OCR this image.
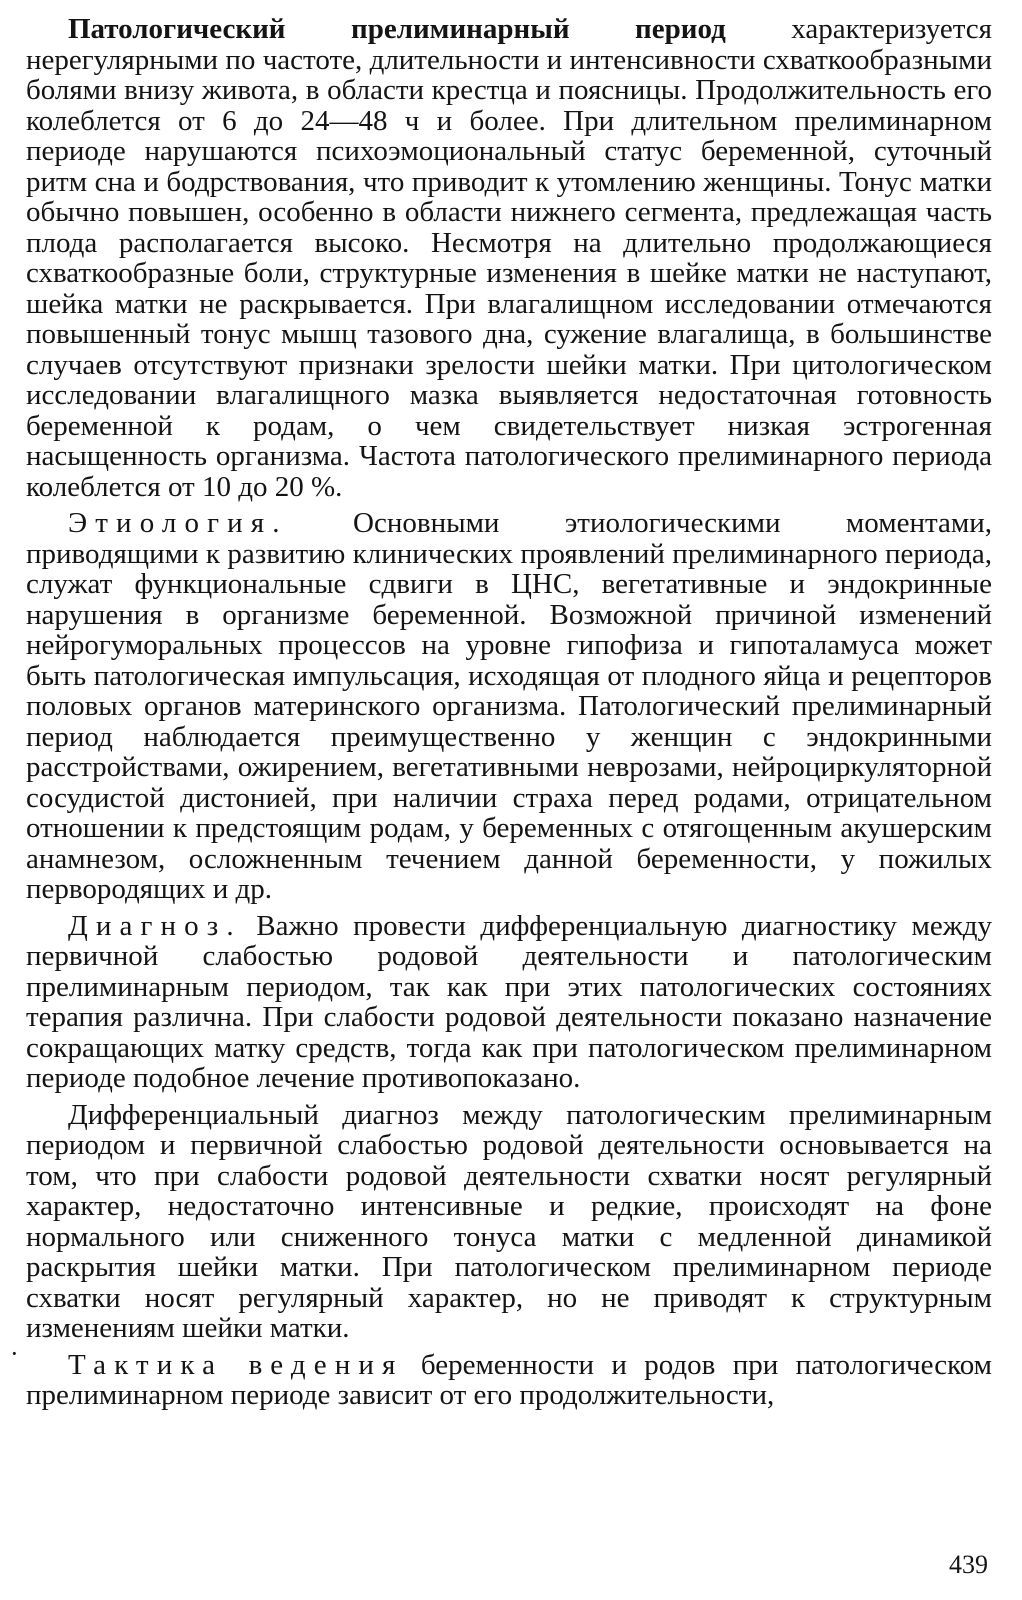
·

Патологический прелиминарный период характеризуется нерегулярными по частоте, длительности и интенсивности схваткообразными болями внизу живота, в области крестца и поясницы. Продолжительность его колеблется от 6 до 24—48 ч и более. При длительном прелиминарном периоде нарушаются психоэмоциональный статус беременной, суточный ритм сна и бодрствования, что приводит к утомлению женщины. Тонус матки обычно повышен, особенно в области нижнего сегмента, предлежащая часть плода располагается высоко. Несмотря на длительно продолжающиеся схваткообразные боли, структурные изменения в шейке матки не наступают, шейка матки не раскрывается. При влагалищном исследовании отмечаются повышенный тонус мышц тазового дна, сужение влагалища, в большинстве случаев отсутствуют признаки зрелости шейки матки. При цитологическом исследовании влагалищного мазка выявляется недостаточная готовность беременной к родам, о чем свидетельствует низкая эстрогенная насыщенность организма. Частота патологического прелиминарного периода колеблется от 10 до 20 %.

Этиология. Основными этиологическими моментами, приводящими к развитию клинических проявлений прелиминарного периода, служат функциональные сдвиги в ЦНС, вегетативные и эндокринные нарушения в организме беременной. Возможной причиной изменений нейрогуморальных процессов на уровне гипофиза и гипоталамуса может быть патологическая импульсация, исходящая от плодного яйца и рецепторов половых органов материнского организма. Патологический прелиминарный период наблюдается преимущественно у женщин с эндокринными расстройствами, ожирением, вегетативными неврозами, нейроциркуляторной сосудистой дистонией, при наличии страха перед родами, отрицательном отношении к предстоящим родам, у беременных с отягощенным акушерским анамнезом, осложненным течением данной беременности, у пожилых первородящих и др.

Диагноз. Важно провести дифференциальную диагностику между первичной слабостью родовой деятельности и патологическим прелиминарным периодом, так как при этих патологических состояниях терапия различна. При слабости родовой деятельности показано назначение сокращающих матку средств, тогда как при патологическом прелиминарном периоде подобное лечение противопоказано.

Дифференциальный диагноз между патологическим прелиминарным периодом и первичной слабостью родовой деятельности основывается на том, что при слабости родовой деятельности схватки носят регулярный характер, недостаточно интенсивные и редкие, происходят на фоне нормального или сниженного тонуса матки с медленной динамикой раскрытия шейки матки. При патологическом прелиминарном периоде схватки носят регулярный характер, но не приводят к структурным изменениям шейки матки.

Тактика ведения беременности и родов при патологическом прелиминарном периоде зависит от его продолжительности,

439
